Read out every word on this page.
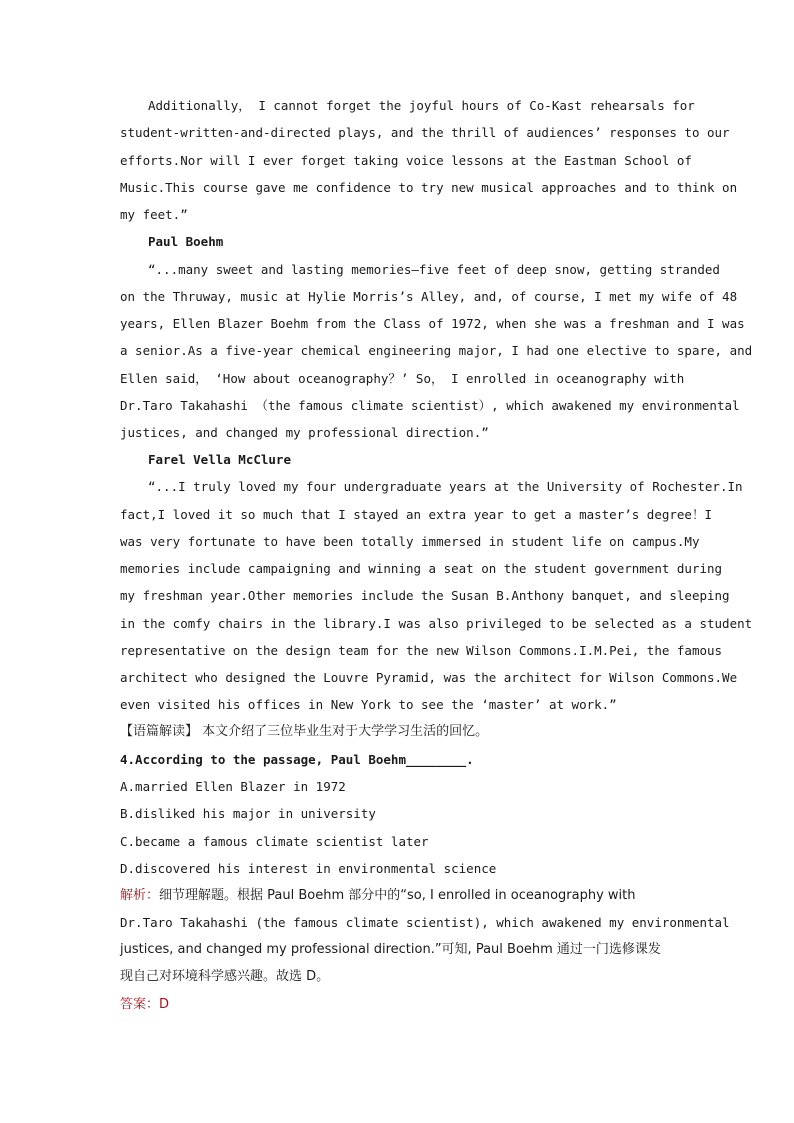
Additionally， I cannot forget the joyful hours of Co-Kast rehearsals for
student-written-and-directed plays, and the thrill of audiences’ responses to our
efforts.Nor will I ever forget taking voice lessons at the Eastman School of
Music.This course gave me confidence to try new musical approaches and to think on
my feet.”
Paul Boehm
“...many sweet and lasting memories—five feet of deep snow, getting stranded
on the Thruway, music at Hylie Morris’s Alley, and, of course, I met my wife of 48
years, Ellen Blazer Boehm from the Class of 1972, when she was a freshman and I was
a senior.As a five-year chemical engineering major, I had one elective to spare, and
Ellen said， ‘How about oceanography？’ So， I enrolled in oceanography with
Dr.Taro Takahashi （the famous climate scientist）, which awakened my environmental
justices, and changed my professional direction.”
Farel Vella McClure
“...I truly loved my four undergraduate years at the University of Rochester.In
fact,I loved it so much that I stayed an extra year to get a master’s degree！I
was very fortunate to have been totally immersed in student life on campus.My
memories include campaigning and winning a seat on the student government during
my freshman year.Other memories include the Susan B.Anthony banquet, and sleeping
in the comfy chairs in the library.I was also privileged to be selected as a student
representative on the design team for the new Wilson Commons.I.M.Pei, the famous
architect who designed the Louvre Pyramid, was the architect for Wilson Commons.We
even visited his offices in New York to see the ‘master’ at work.”
【语篇解读】 本文介绍了三位毕业生对于大学学习生活的回忆。
4.According to the passage, Paul Boehm________.
A.married Ellen Blazer in 1972
B.disliked his major in university
C.became a famous climate scientist later
D.discovered his interest in environmental science
解析：细节理解题。根据 Paul Boehm 部分中的“so, I enrolled in oceanography with
Dr.Taro Takahashi (the famous climate scientist), which awakened my environmental
justices, and changed my professional direction.”可知, Paul Boehm 通过一门选修课发
现自己对环境科学感兴趣。故选 D。
答案：D
